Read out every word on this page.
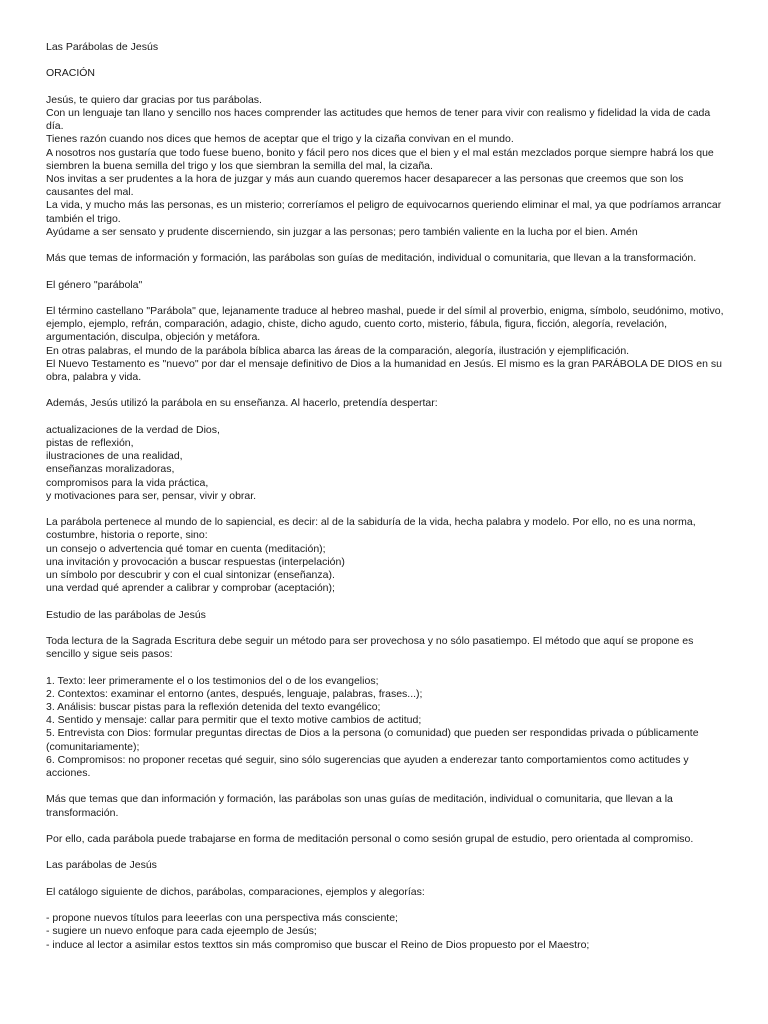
Las Parábolas de Jesús
ORACIÓN
Jesús, te quiero dar gracias por tus parábolas.
Con un lenguaje tan llano y sencillo nos haces comprender las actitudes que hemos de tener para vivir con realismo y fidelidad la vida de cada día.
Tienes razón cuando nos dices que hemos de aceptar que el trigo y la cizaña convivan en el mundo.
A nosotros nos gustaría que todo fuese bueno, bonito y fácil pero nos dices que el bien y el mal están mezclados porque siempre habrá los que siembren la buena semilla del trigo y los que siembran la semilla del mal, la cizaña.
Nos invitas a ser prudentes a la hora de juzgar y más aun cuando queremos hacer desaparecer a las personas que creemos que son los causantes del mal.
La vida, y mucho más las personas, es un misterio; correríamos el peligro de equivocarnos queriendo eliminar el mal, ya que podríamos arrancar también el trigo.
Ayúdame a ser sensato y prudente discerniendo, sin juzgar a las personas; pero también valiente en la lucha por el bien. Amén
Más que temas de información y formación, las parábolas son guías de meditación, individual o comunitaria, que llevan a la transformación.
El género "parábola"
El término castellano "Parábola" que, lejanamente traduce al hebreo mashal, puede ir del símil al proverbio, enigma, símbolo, seudónimo, motivo, ejemplo, ejemplo, refrán, comparación, adagio, chiste, dicho agudo, cuento corto, misterio, fábula, figura, ficción, alegoría, revelación, argumentación, disculpa, objeción y metáfora.
En otras palabras, el mundo de la parábola bíblica abarca las áreas de la comparación, alegoría, ilustración y ejemplificación.
El Nuevo Testamento es "nuevo" por dar el mensaje definitivo de Dios a la humanidad en Jesús. El mismo es la gran PARÁBOLA DE DIOS en su obra, palabra y vida.
Además, Jesús utilizó la parábola en su enseñanza. Al hacerlo, pretendía despertar:
actualizaciones de la verdad de Dios,
pistas de reflexión,
ilustraciones de una realidad,
enseñanzas moralizadoras,
compromisos para la vida práctica,
y motivaciones para ser, pensar, vivir y obrar.
La parábola pertenece al mundo de lo sapiencial, es decir: al de la sabiduría de la vida, hecha palabra y modelo. Por ello, no es una norma, costumbre, historia o reporte, sino:
un consejo o advertencia qué tomar en cuenta (meditación);
una invitación y provocación a buscar respuestas (interpelación)
un símbolo por descubrir y con el cual sintonizar (enseñanza).
una verdad qué aprender a calibrar y comprobar (aceptación);
Estudio de las parábolas de Jesús
Toda lectura de la Sagrada Escritura debe seguir un método para ser provechosa y no sólo pasatiempo. El método que aquí se propone es sencillo y sigue seis pasos:
1. Texto: leer primeramente el o los testimonios del o de los evangelios;
2. Contextos: examinar el entorno (antes, después, lenguaje, palabras, frases...);
3. Análisis: buscar pistas para la reflexión detenida del texto evangélico;
4. Sentido y mensaje: callar para permitir que el texto motive cambios de actitud;
5. Entrevista con Dios: formular preguntas directas de Dios a la persona (o comunidad) que pueden ser respondidas privada o públicamente (comunitariamente);
6. Compromisos: no proponer recetas qué seguir, sino sólo sugerencias que ayuden a enderezar tanto comportamientos como actitudes y acciones.
Más que temas que dan información y formación, las parábolas son unas guías de meditación, individual o comunitaria, que llevan a la transformación.
Por ello, cada parábola puede trabajarse en forma de meditación personal o como sesión grupal de estudio, pero orientada al compromiso.
Las parábolas de Jesús
El catálogo siguiente de dichos, parábolas, comparaciones, ejemplos y alegorías:
- propone nuevos títulos para leeerlas con una perspectiva más consciente;
- sugiere un nuevo enfoque para cada ejeemplo de Jesús;
- induce al lector a asimilar estos texttos sin más compromiso que buscar el Reino de Dios propuesto por el Maestro;
